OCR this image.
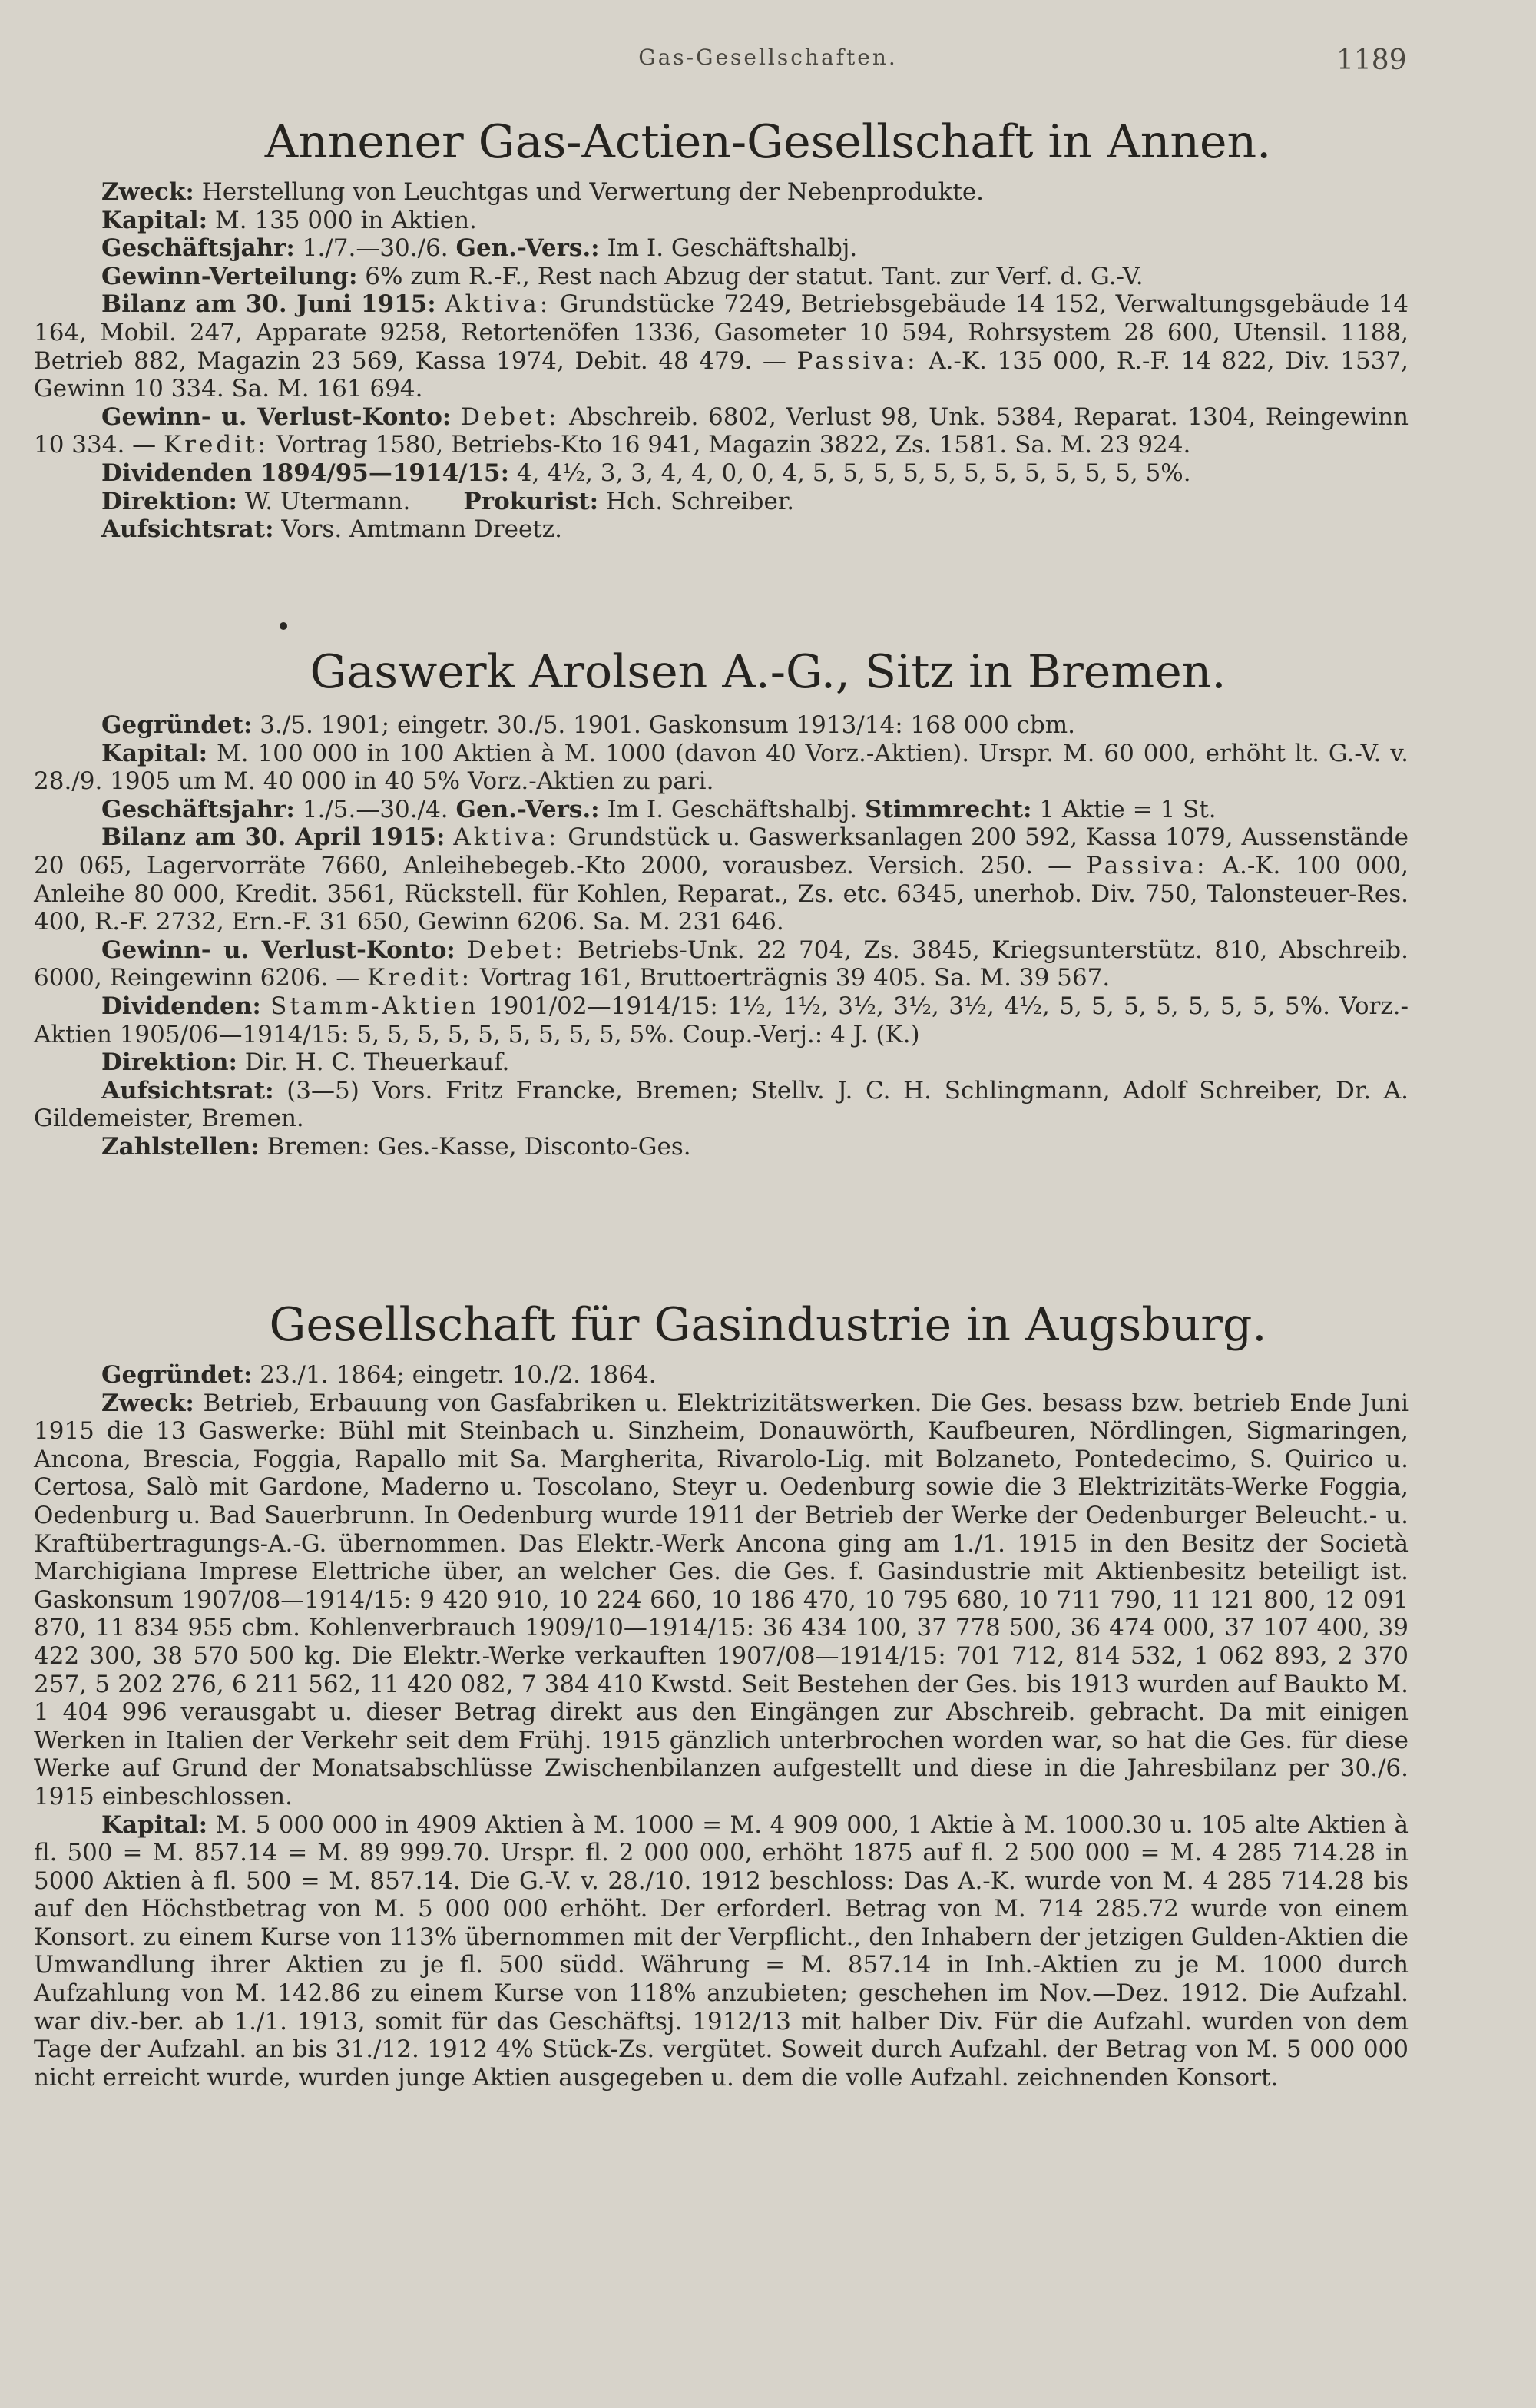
Gas-Gesellschaften.	1189
Annener Gas-Actien-Gesellschaft in Annen.

Zweck: Herstellung von Leuchtgas und Verwertung der Nebenprodukte.

Kapital: M. 135 000 in Aktien.

Geschäftsjahr: 1./7.—30./6. Gen.-Vers.: Im I. Geschäftshalbj.

Gewinn-Verteilung: 6% zum R.-F., Rest nach Abzug der statut. Tant. zur Verf. d. G.-V.

Bilanz am 30. Juni 1915: Aktiva: Grundstücke 7249, Betriebsgebäude 14 152, Verwaltungsgebäude 14 164, Mobil. 247, Apparate 9258, Retortenöfen 1336, Gasometer 10 594, Rohrsystem 28 600, Utensil. 1188, Betrieb 882, Magazin 23 569, Kassa 1974, Debit. 48 479. — Passiva: A.-K. 135 000, R.-F. 14 822, Div. 1537, Gewinn 10 334. Sa. M. 161 694.

Gewinn- u. Verlust-Konto: Debet: Abschreib. 6802, Verlust 98, Unk. 5384, Reparat. 1304, Reingewinn 10 334. — Kredit: Vortrag 1580, Betriebs-Kto 16 941, Magazin 3822, Zs. 1581. Sa. M. 23 924.

Dividenden 1894/95—1914/15: 4, 4½, 3, 3, 4, 4, 0, 0, 4, 5, 5, 5, 5, 5, 5, 5, 5, 5, 5, 5, 5%.

Direktion: W. Utermann. Prokurist: Hch. Schreiber.

Aufsichtsrat: Vors. Amtmann Dreetz.

Gaswerk Arolsen A.-G., Sitz in Bremen.

Gegründet: 3./5. 1901; eingetr. 30./5. 1901. Gaskonsum 1913/14: 168 000 cbm.

Kapital: M. 100 000 in 100 Aktien à M. 1000 (davon 40 Vorz.-Aktien). Urspr. M. 60 000, erhöht lt. G.-V. v. 28./9. 1905 um M. 40 000 in 40 5% Vorz.-Aktien zu pari.

Geschäftsjahr: 1./5.—30./4. Gen.-Vers.: Im I. Geschäftshalbj. Stimmrecht: 1 Aktie = 1 St.

Bilanz am 30. April 1915: Aktiva: Grundstück u. Gaswerksanlagen 200 592, Kassa 1079, Aussenstände 20 065, Lagervorräte 7660, Anleihebegeb.-Kto 2000, vorausbez. Versich. 250. — Passiva: A.-K. 100 000, Anleihe 80 000, Kredit. 3561, Rückstell. für Kohlen, Reparat., Zs. etc. 6345, unerhob. Div. 750, Talonsteuer-Res. 400, R.-F. 2732, Ern.-F. 31 650, Gewinn 6206. Sa. M. 231 646.

Gewinn- u. Verlust-Konto: Debet: Betriebs-Unk. 22 704, Zs. 3845, Kriegsunterstütz. 810, Abschreib. 6000, Reingewinn 6206. — Kredit: Vortrag 161, Bruttoerträgnis 39 405. Sa. M. 39 567.

Dividenden: Stamm-Aktien 1901/02—1914/15: 1½, 1½, 3½, 3½, 3½, 4½, 5, 5, 5, 5, 5, 5, 5, 5%. Vorz.-Aktien 1905/06—1914/15: 5, 5, 5, 5, 5, 5, 5, 5, 5, 5%. Coup.-Verj.: 4 J. (K.)

Direktion: Dir. H. C. Theuerkauf.

Aufsichtsrat: (3—5) Vors. Fritz Francke, Bremen; Stellv. J. C. H. Schlingmann, Adolf Schreiber, Dr. A. Gildemeister, Bremen.

Zahlstellen: Bremen: Ges.-Kasse, Disconto-Ges.

Gesellschaft für Gasindustrie in Augsburg.

Gegründet: 23./1. 1864; eingetr. 10./2. 1864.

Zweck: Betrieb, Erbauung von Gasfabriken u. Elektrizitätswerken. Die Ges. besass bzw. betrieb Ende Juni 1915 die 13 Gaswerke: Bühl mit Steinbach u. Sinzheim, Donauwörth, Kaufbeuren, Nördlingen, Sigmaringen, Ancona, Brescia, Foggia, Rapallo mit Sa. Margherita, Rivarolo-Lig. mit Bolzaneto, Pontedecimo, S. Quirico u. Certosa, Salò mit Gardone, Maderno u. Toscolano, Steyr u. Oedenburg sowie die 3 Elektrizitäts-Werke Foggia, Oedenburg u. Bad Sauerbrunn. In Oedenburg wurde 1911 der Betrieb der Werke der Oedenburger Beleucht.- u. Kraftübertragungs-A.-G. übernommen. Das Elektr.-Werk Ancona ging am 1./1. 1915 in den Besitz der Società Marchigiana Imprese Elettriche über, an welcher Ges. die Ges. f. Gasindustrie mit Aktienbesitz beteiligt ist. Gaskonsum 1907/08—1914/15: 9 420 910, 10 224 660, 10 186 470, 10 795 680, 10 711 790, 11 121 800, 12 091 870, 11 834 955 cbm. Kohlenverbrauch 1909/10—1914/15: 36 434 100, 37 778 500, 36 474 000, 37 107 400, 39 422 300, 38 570 500 kg. Die Elektr.-Werke verkauften 1907/08—1914/15: 701 712, 814 532, 1 062 893, 2 370 257, 5 202 276, 6 211 562, 11 420 082, 7 384 410 Kwstd. Seit Bestehen der Ges. bis 1913 wurden auf Baukto M. 1 404 996 verausgabt u. dieser Betrag direkt aus den Eingängen zur Abschreib. gebracht. Da mit einigen Werken in Italien der Verkehr seit dem Frühj. 1915 gänzlich unterbrochen worden war, so hat die Ges. für diese Werke auf Grund der Monatsabschlüsse Zwischenbilanzen aufgestellt und diese in die Jahresbilanz per 30./6. 1915 einbeschlossen.

Kapital: M. 5 000 000 in 4909 Aktien à M. 1000 = M. 4 909 000, 1 Aktie à M. 1000.30 u. 105 alte Aktien à fl. 500 = M. 857.14 = M. 89 999.70. Urspr. fl. 2 000 000, erhöht 1875 auf fl. 2 500 000 = M. 4 285 714.28 in 5000 Aktien à fl. 500 = M. 857.14. Die G.-V. v. 28./10. 1912 beschloss: Das A.-K. wurde von M. 4 285 714.28 bis auf den Höchstbetrag von M. 5 000 000 erhöht. Der erforderl. Betrag von M. 714 285.72 wurde von einem Konsort. zu einem Kurse von 113% übernommen mit der Verpflicht., den Inhabern der jetzigen Gulden-Aktien die Umwandlung ihrer Aktien zu je fl. 500 südd. Währung = M. 857.14 in Inh.-Aktien zu je M. 1000 durch Aufzahlung von M. 142.86 zu einem Kurse von 118% anzubieten; geschehen im Nov.—Dez. 1912. Die Aufzahl. war div.-ber. ab 1./1. 1913, somit für das Geschäftsj. 1912/13 mit halber Div. Für die Aufzahl. wurden von dem Tage der Aufzahl. an bis 31./12. 1912 4% Stück-Zs. vergütet. Soweit durch Aufzahl. der Betrag von M. 5 000 000 nicht erreicht wurde, wurden junge Aktien ausgegeben u. dem die volle Aufzahl. zeichnenden Konsort.
